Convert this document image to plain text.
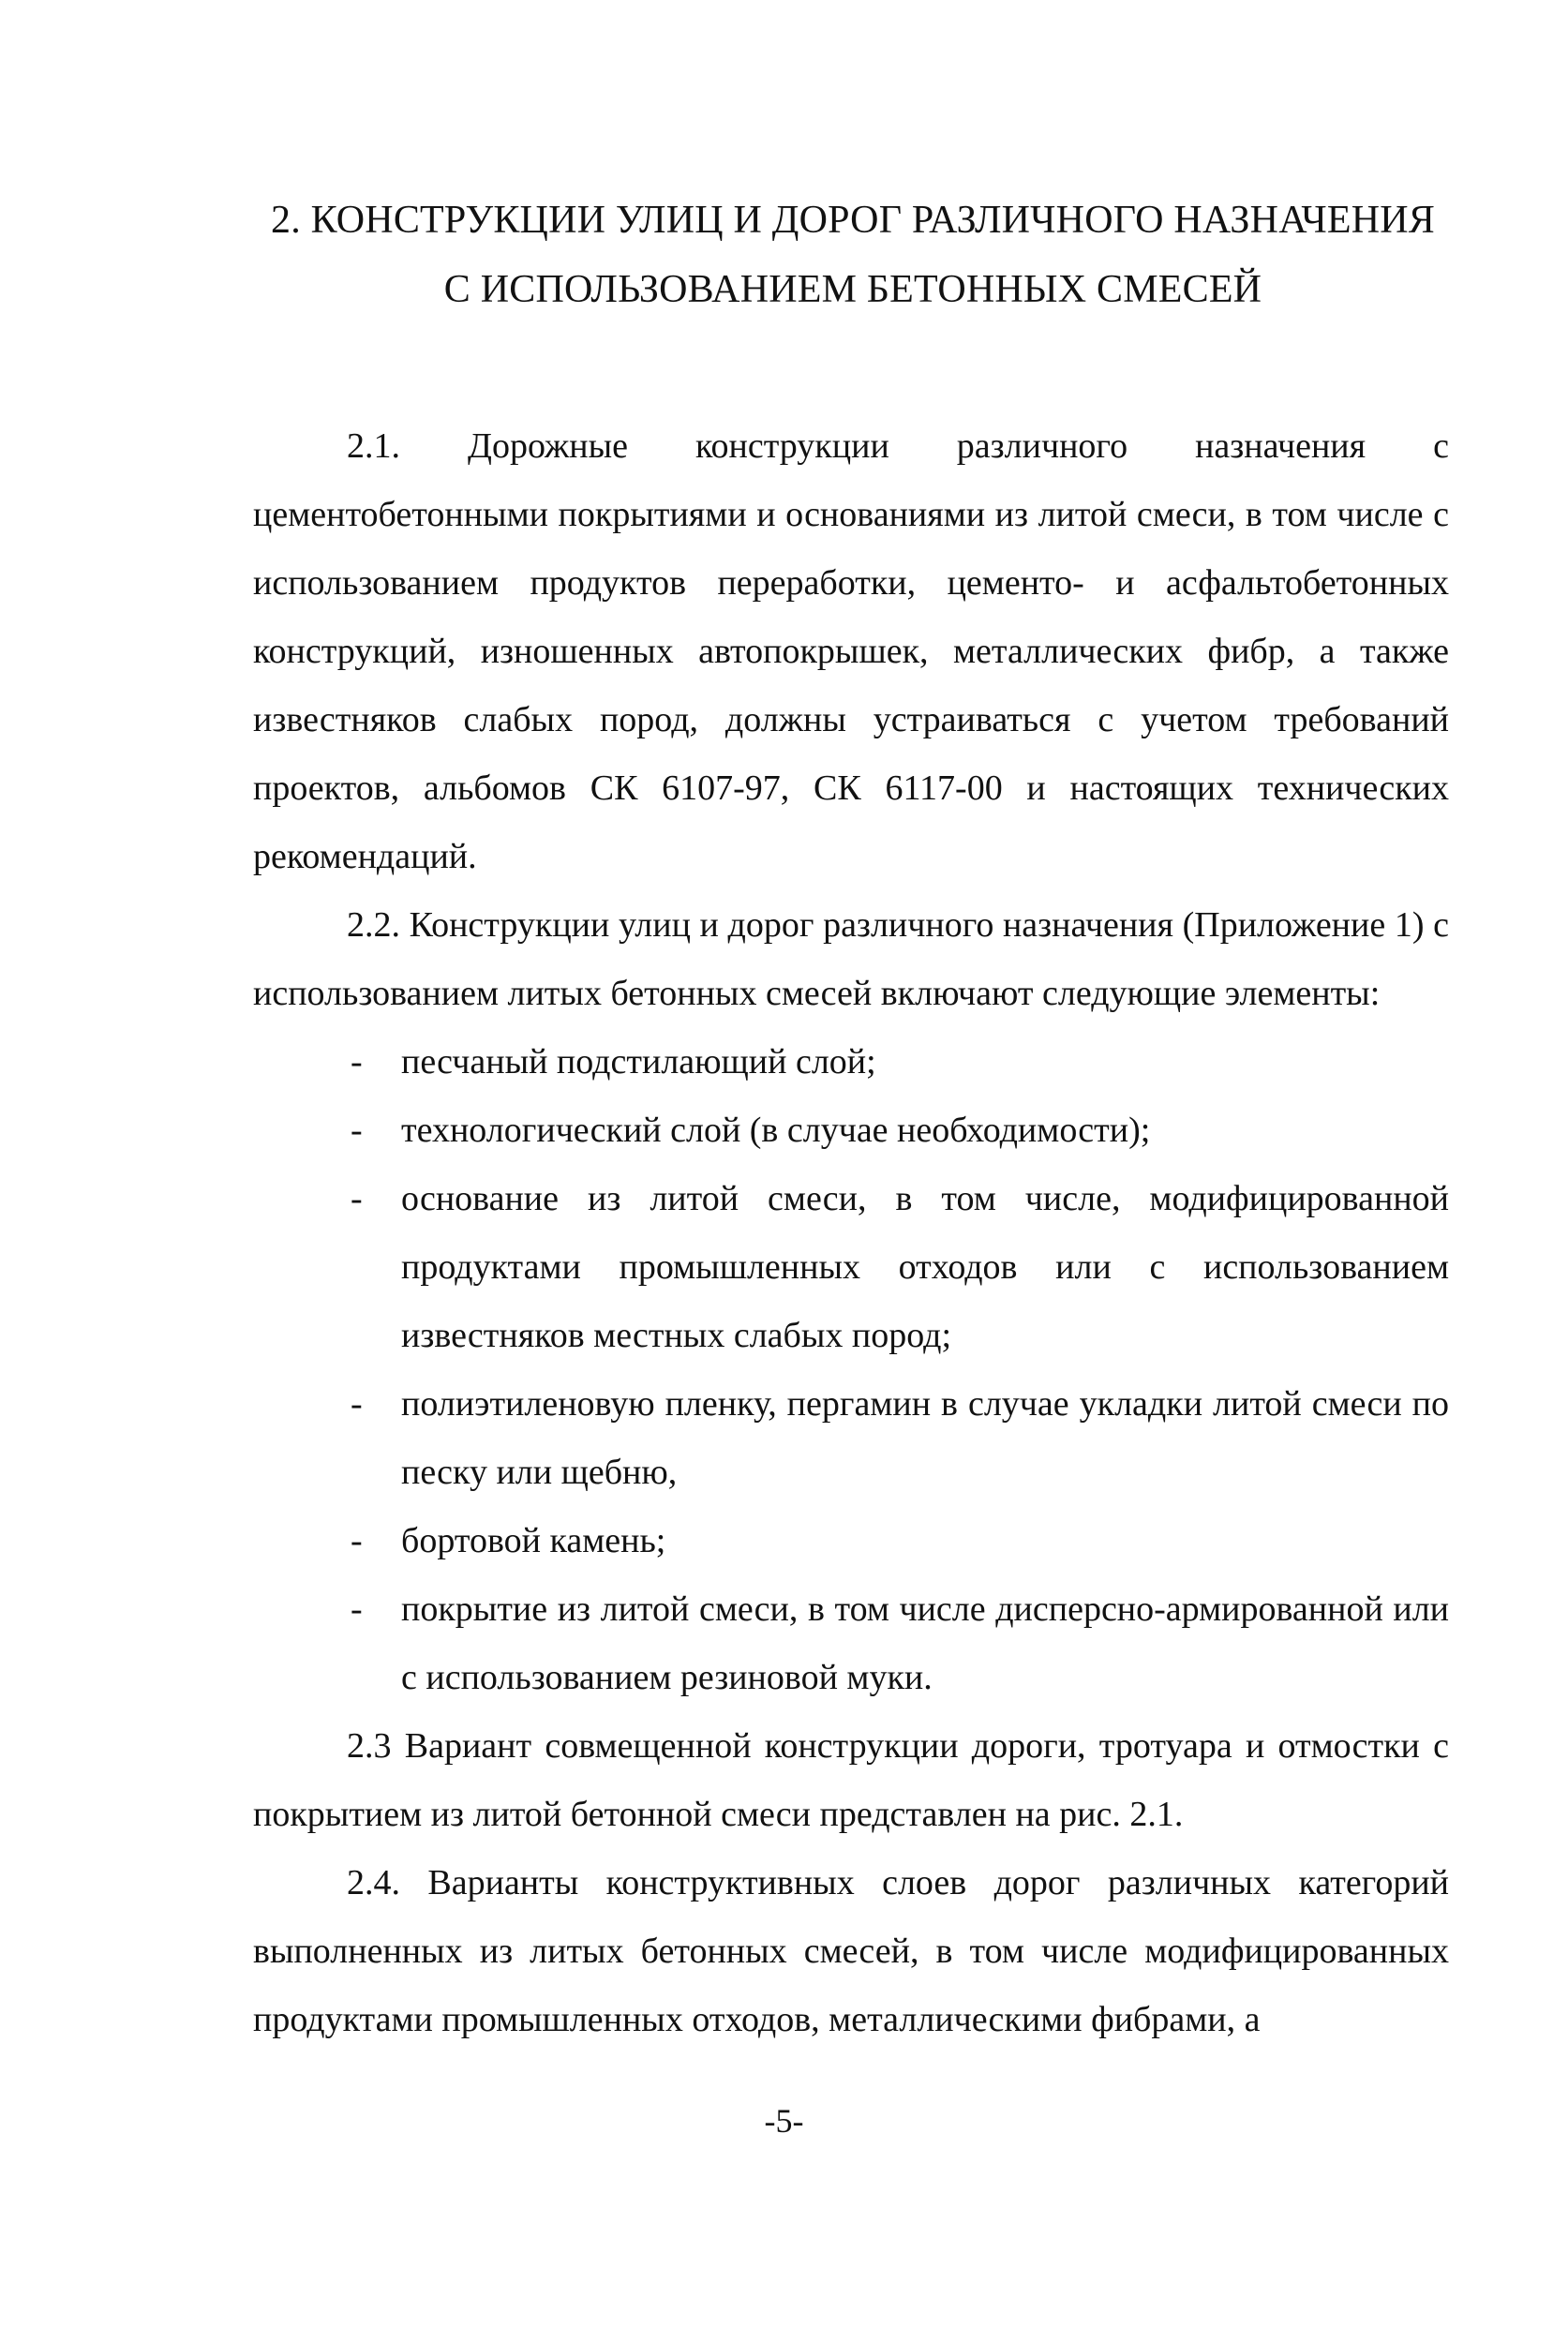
2. КОНСТРУКЦИИ УЛИЦ И ДОРОГ РАЗЛИЧНОГО НАЗНАЧЕНИЯ
С ИСПОЛЬЗОВАНИЕМ БЕТОННЫХ СМЕСЕЙ

2.1. Дорожные конструкции различного назначения с цементобетонными покрытиями и основаниями из литой смеси, в том числе с использованием продуктов переработки, цементо- и асфальтобетонных конструкций, изношенных автопокрышек, металлических фибр, а также известняков слабых пород, должны устраиваться с учетом требований проектов, альбомов СК 6107-97, СК 6117-00 и настоящих технических рекомендаций.

2.2. Конструкции улиц и дорог различного назначения (Приложение 1) с использованием литых бетонных смесей включают следующие элементы:

- песчаный подстилающий слой;
- технологический слой (в случае необходимости);
- основание из литой смеси, в том числе, модифицированной продуктами промышленных отходов или с использованием известняков местных слабых пород;
- полиэтиленовую пленку, пергамин в случае укладки литой смеси по песку или щебню,
- бортовой камень;
- покрытие из литой смеси, в том числе дисперсно-армированной или с использованием резиновой муки.

2.3 Вариант совмещенной конструкции дороги, тротуара и отмостки с покрытием из литой бетонной смеси представлен на рис. 2.1.

2.4. Варианты конструктивных слоев дорог различных категорий выполненных из литых бетонных смесей, в том числе модифицированных продуктами промышленных отходов, металлическими фибрами, а

-5-
